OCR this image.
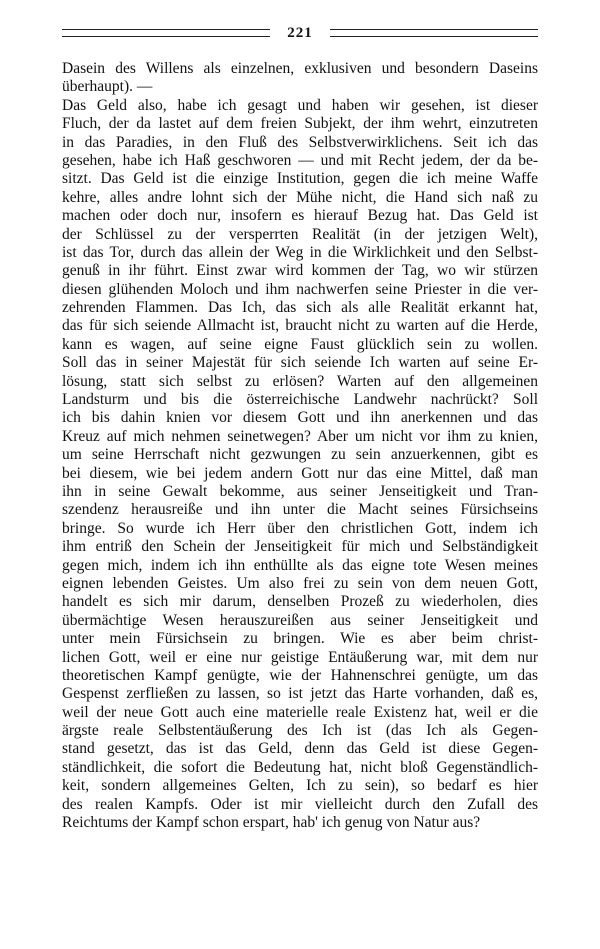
221
Dasein des Willens als einzelnen, exklusiven und besondern Daseins
überhaupt). —
Das Geld also, habe ich gesagt und haben wir gesehen, ist dieser
Fluch, der da lastet auf dem freien Subjekt, der ihm wehrt, einzutreten
in das Paradies, in den Fluß des Selbstverwirklichens. Seit ich das
gesehen, habe ich Haß geschworen — und mit Recht jedem, der da be-
sitzt. Das Geld ist die einzige Institution, gegen die ich meine Waffe
kehre, alles andre lohnt sich der Mühe nicht, die Hand sich naß zu
machen oder doch nur, insofern es hierauf Bezug hat. Das Geld ist
der Schlüssel zu der versperrten Realität (in der jetzigen Welt),
ist das Tor, durch das allein der Weg in die Wirklichkeit und den Selbst-
genuß in ihr führt. Einst zwar wird kommen der Tag, wo wir stürzen
diesen glühenden Moloch und ihm nachwerfen seine Priester in die ver-
zehrenden Flammen. Das Ich, das sich als alle Realität erkannt hat,
das für sich seiende Allmacht ist, braucht nicht zu warten auf die Herde,
kann es wagen, auf seine eigne Faust glücklich sein zu wollen.
Soll das in seiner Majestät für sich seiende Ich warten auf seine Er-
lösung, statt sich selbst zu erlösen? Warten auf den allgemeinen
Landsturm und bis die österreichische Landwehr nachrückt? Soll
ich bis dahin knien vor diesem Gott und ihn anerkennen und das
Kreuz auf mich nehmen seinetwegen? Aber um nicht vor ihm zu knien,
um seine Herrschaft nicht gezwungen zu sein anzuerkennen, gibt es
bei diesem, wie bei jedem andern Gott nur das eine Mittel, daß man
ihn in seine Gewalt bekomme, aus seiner Jenseitigkeit und Tran-
szendenz herausreiße und ihn unter die Macht seines Fürsichseins
bringe. So wurde ich Herr über den christlichen Gott, indem ich
ihm entriß den Schein der Jenseitigkeit für mich und Selbständigkeit
gegen mich, indem ich ihn enthüllte als das eigne tote Wesen meines
eignen lebenden Geistes. Um also frei zu sein von dem neuen Gott,
handelt es sich mir darum, denselben Prozeß zu wiederholen, dies
übermächtige Wesen herauszureißen aus seiner Jenseitigkeit und
unter mein Fürsichsein zu bringen. Wie es aber beim christ-
lichen Gott, weil er eine nur geistige Entäußerung war, mit dem nur
theoretischen Kampf genügte, wie der Hahnenschrei genügte, um das
Gespenst zerfließen zu lassen, so ist jetzt das Harte vorhanden, daß es,
weil der neue Gott auch eine materielle reale Existenz hat, weil er die
ärgste reale Selbstentäußerung des Ich ist (das Ich als Gegen-
stand gesetzt, das ist das Geld, denn das Geld ist diese Gegen-
ständlichkeit, die sofort die Bedeutung hat, nicht bloß Gegenständlich-
keit, sondern allgemeines Gelten, Ich zu sein), so bedarf es hier
des realen Kampfs. Oder ist mir vielleicht durch den Zufall des
Reichtums der Kampf schon erspart, hab' ich genug von Natur aus?
